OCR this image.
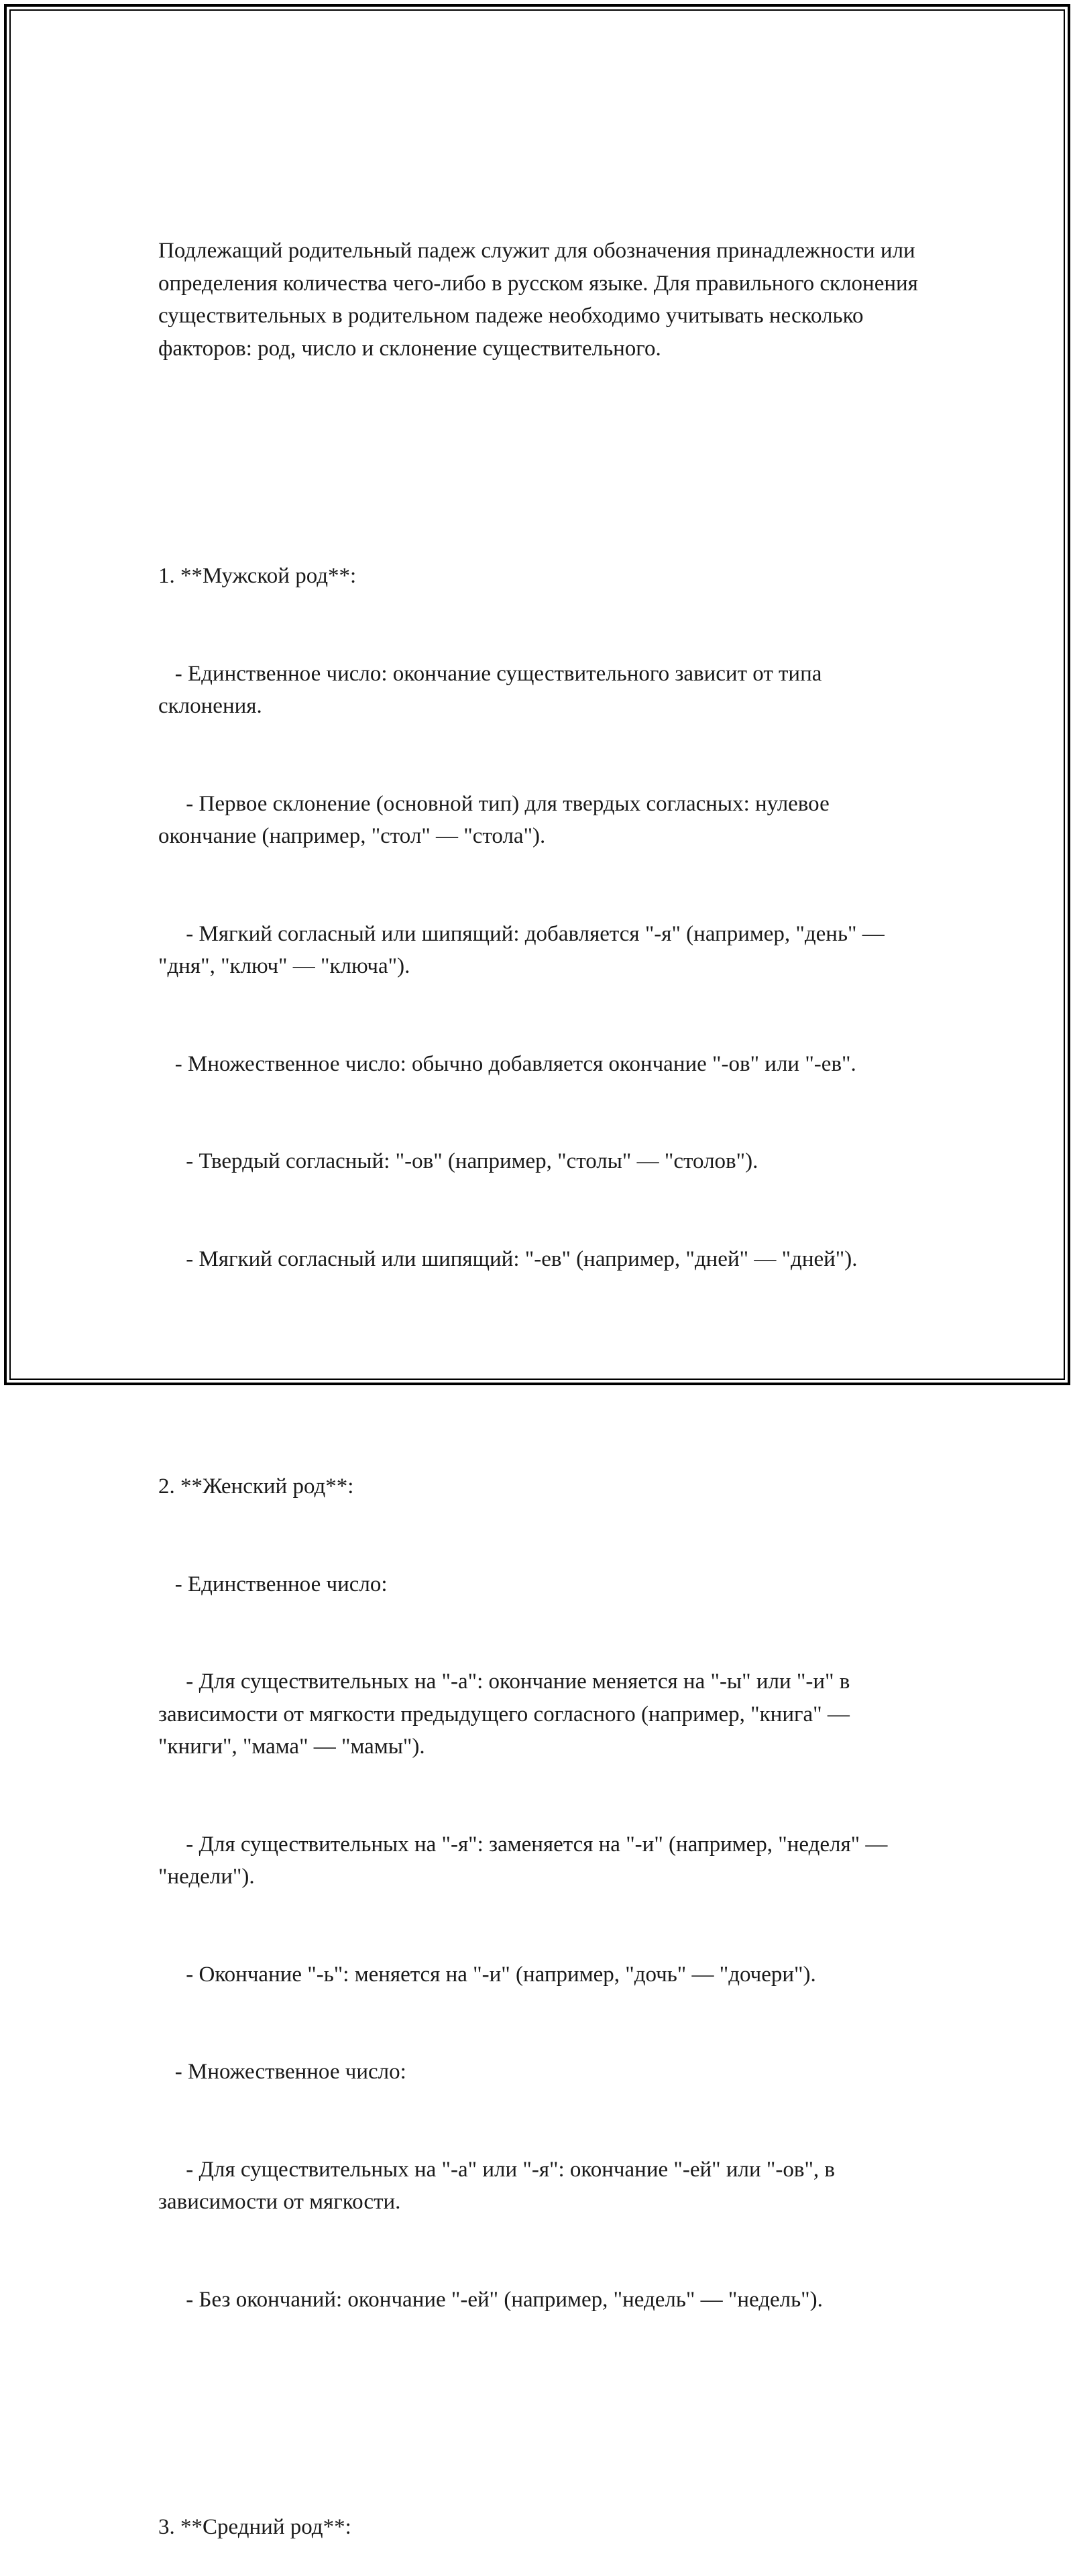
Подлежащий родительный падеж служит для обозначения принадлежности или определения количества чего-либо в русском языке. Для правильного склонения существительных в родительном падеже необходимо учитывать несколько факторов: род, число и склонение существительного.

1. **Мужской род**:

- Единственное число: окончание существительного зависит от типа склонения.

- Первое склонение (основной тип) для твердых согласных: нулевое окончание (например, "стол" — "стола").

- Мягкий согласный или шипящий: добавляется "-я" (например, "день" — "дня", "ключ" — "ключа").

- Множественное число: обычно добавляется окончание "-ов" или "-ев".

- Твердый согласный: "-ов" (например, "столы" — "столов").

- Мягкий согласный или шипящий: "-ев" (например, "дней" — "дней").

2. **Женский род**:

- Единственное число:

- Для существительных на "-а": окончание меняется на "-ы" или "-и" в зависимости от мягкости предыдущего согласного (например, "книга" — "книги", "мама" — "мамы").

- Для существительных на "-я": заменяется на "-и" (например, "неделя" — "недели").

- Окончание "-ь": меняется на "-и" (например, "дочь" — "дочери").

- Множественное число:

- Для существительных на "-а" или "-я": окончание "-ей" или "-ов", в зависимости от мягкости.

- Без окончаний: окончание "-ей" (например, "недель" — "недель").

3. **Средний род**:
